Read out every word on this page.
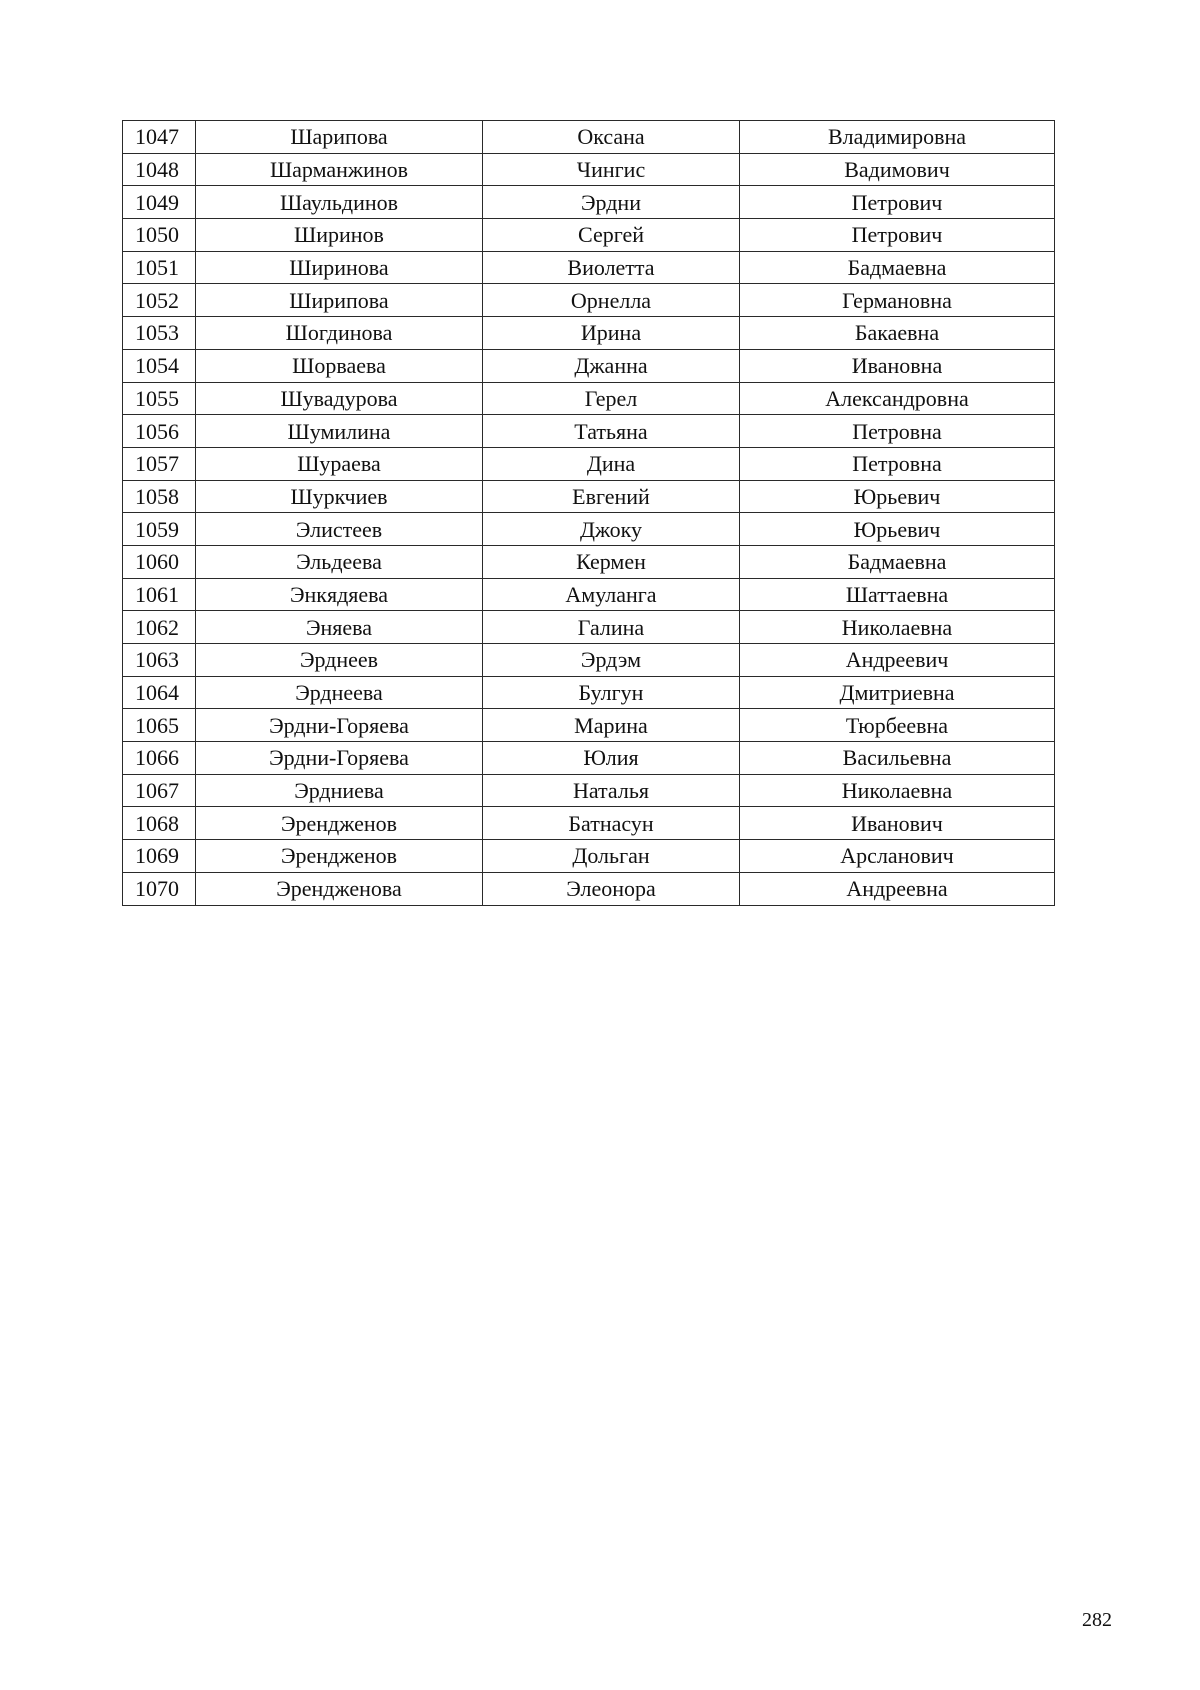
1047	Шарипова	Оксана	Владимировна
1048	Шарманжинов	Чингис	Вадимович
1049	Шаульдинов	Эрдни	Петрович
1050	Ширинов	Сергей	Петрович
1051	Ширинова	Виолетта	Бадмаевна
1052	Ширипова	Орнелла	Германовна
1053	Шогдинова	Ирина	Бакаевна
1054	Шорваева	Джанна	Ивановна
1055	Шувадурова	Герел	Александровна
1056	Шумилина	Татьяна	Петровна
1057	Шураева	Дина	Петровна
1058	Шуркчиев	Евгений	Юрьевич
1059	Элистеев	Джоку	Юрьевич
1060	Эльдеева	Кермен	Бадмаевна
1061	Энкядяева	Амуланга	Шаттаевна
1062	Эняева	Галина	Николаевна
1063	Эрднеев	Эрдэм	Андреевич
1064	Эрднеева	Булгун	Дмитриевна
1065	Эрдни-Горяева	Марина	Тюрбеевна
1066	Эрдни-Горяева	Юлия	Васильевна
1067	Эрдниева	Наталья	Николаевна
1068	Эрендженов	Батнасун	Иванович
1069	Эрендженов	Дольган	Арсланович
1070	Эрендженова	Элеонора	Андреевна
282
